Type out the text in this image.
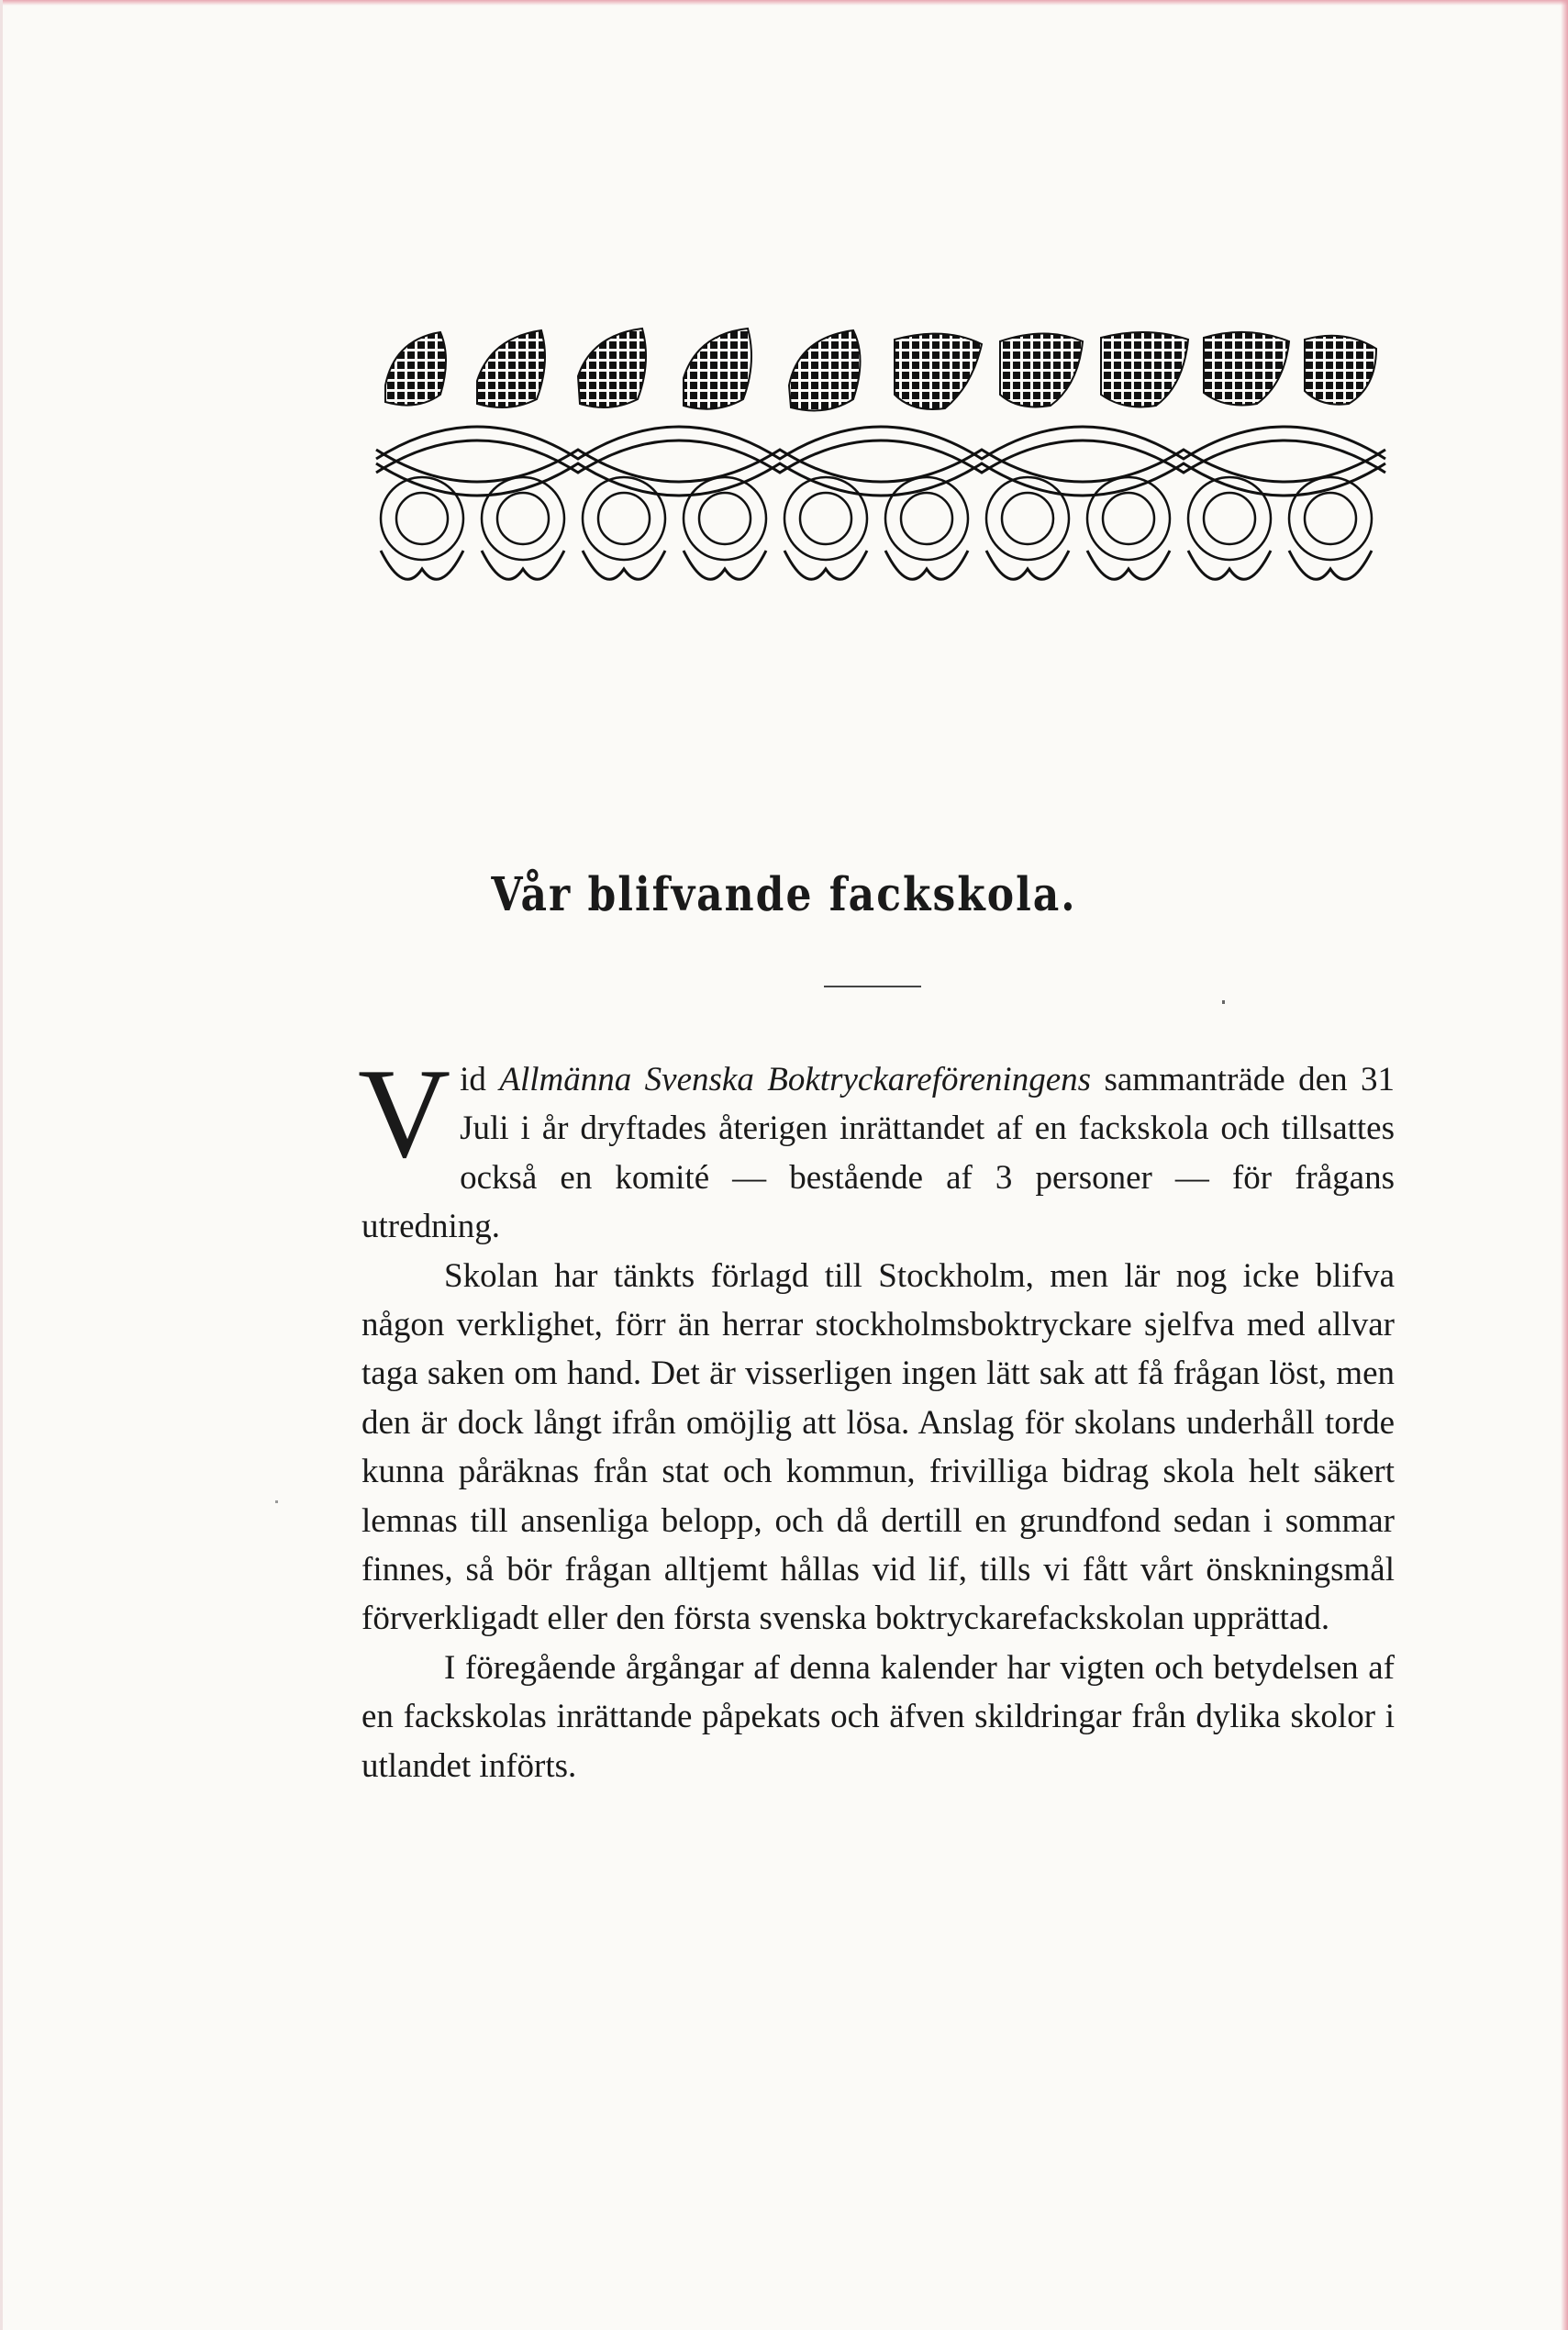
Vår blifvande fackskola.

Vid Allmänna Svenska Boktryckareföreningens sammanträde den 31 Juli i år dryftades återigen inrättandet af en fackskola och tillsattes också en komité — bestående af 3 personer — för frågans utredning.

Skolan har tänkts förlagd till Stockholm, men lär nog icke blifva någon verklighet, förr än herrar stockholmsboktryckare sjelfva med allvar taga saken om hand. Det är visserligen ingen lätt sak att få frågan löst, men den är dock långt ifrån omöjlig att lösa. Anslag för skolans underhåll torde kunna påräknas från stat och kommun, frivilliga bidrag skola helt säkert lemnas till ansenliga belopp, och då dertill en grundfond sedan i sommar finnes, så bör frågan alltjemt hållas vid lif, tills vi fått vårt önskningsmål förverkligadt eller den första svenska boktryckarefackskolan upprättad.

I föregående årgångar af denna kalender har vigten och betydelsen af en fackskolas inrättande påpekats och äfven skildringar från dylika skolor i utlandet införts.
